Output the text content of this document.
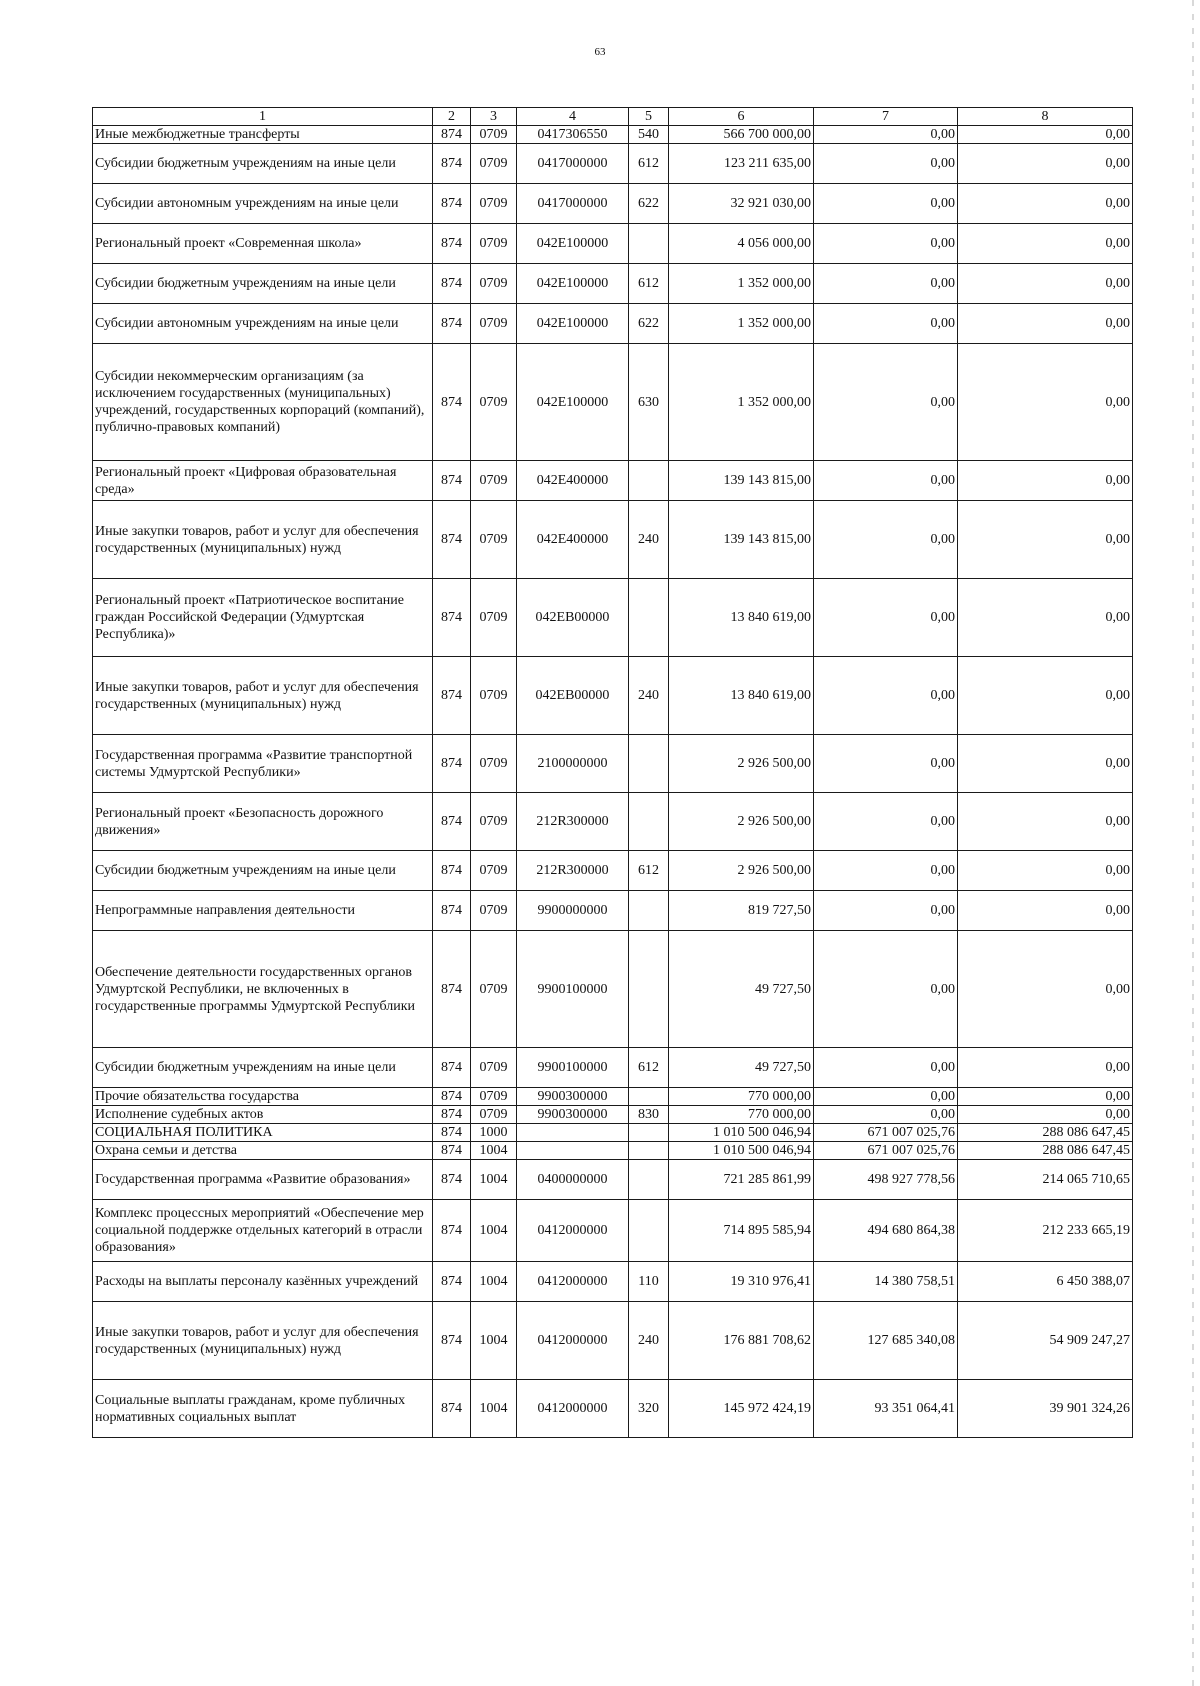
63
1	2	3	4	5	6	7	8
Иные межбюджетные трансферты	874	0709	0417306550	540	566 700 000,00	0,00	0,00
Субсидии бюджетным учреждениям на иные цели	874	0709	0417000000	612	123 211 635,00	0,00	0,00
Субсидии автономным учреждениям на иные цели	874	0709	0417000000	622	32 921 030,00	0,00	0,00
Региональный проект «Современная школа»	874	0709	042E100000		4 056 000,00	0,00	0,00
Субсидии бюджетным учреждениям на иные цели	874	0709	042E100000	612	1 352 000,00	0,00	0,00
Субсидии автономным учреждениям на иные цели	874	0709	042E100000	622	1 352 000,00	0,00	0,00
Субсидии некоммерческим организациям (за исключением государственных (муниципальных) учреждений, государственных корпораций (компаний), публично-правовых компаний)	874	0709	042E100000	630	1 352 000,00	0,00	0,00
Региональный проект «Цифровая образовательная среда»	874	0709	042E400000		139 143 815,00	0,00	0,00
Иные закупки товаров, работ и услуг для обеспечения государственных (муниципальных) нужд	874	0709	042E400000	240	139 143 815,00	0,00	0,00
Региональный проект «Патриотическое воспитание граждан Российской Федерации (Удмуртская Республика)»	874	0709	042EB00000		13 840 619,00	0,00	0,00
Иные закупки товаров, работ и услуг для обеспечения государственных (муниципальных) нужд	874	0709	042EB00000	240	13 840 619,00	0,00	0,00
Государственная программа «Развитие транспортной системы Удмуртской Республики»	874	0709	2100000000		2 926 500,00	0,00	0,00
Региональный проект «Безопасность дорожного движения»	874	0709	212R300000		2 926 500,00	0,00	0,00
Субсидии бюджетным учреждениям на иные цели	874	0709	212R300000	612	2 926 500,00	0,00	0,00
Непрограммные направления деятельности	874	0709	9900000000		819 727,50	0,00	0,00
Обеспечение деятельности государственных органов Удмуртской Республики, не включенных в государственные программы Удмуртской Республики	874	0709	9900100000		49 727,50	0,00	0,00
Субсидии бюджетным учреждениям на иные цели	874	0709	9900100000	612	49 727,50	0,00	0,00
Прочие обязательства государства	874	0709	9900300000		770 000,00	0,00	0,00
Исполнение судебных актов	874	0709	9900300000	830	770 000,00	0,00	0,00
СОЦИАЛЬНАЯ ПОЛИТИКА	874	1000			1 010 500 046,94	671 007 025,76	288 086 647,45
Охрана семьи и детства	874	1004			1 010 500 046,94	671 007 025,76	288 086 647,45
Государственная программа «Развитие образования»	874	1004	0400000000		721 285 861,99	498 927 778,56	214 065 710,65
Комплекс процессных мероприятий «Обеспечение мер социальной поддержке отдельных категорий в отрасли образования»	874	1004	0412000000		714 895 585,94	494 680 864,38	212 233 665,19
Расходы на выплаты персоналу казённых учреждений	874	1004	0412000000	110	19 310 976,41	14 380 758,51	6 450 388,07
Иные закупки товаров, работ и услуг для обеспечения государственных (муниципальных) нужд	874	1004	0412000000	240	176 881 708,62	127 685 340,08	54 909 247,27
Социальные выплаты гражданам, кроме публичных нормативных социальных выплат	874	1004	0412000000	320	145 972 424,19	93 351 064,41	39 901 324,26
